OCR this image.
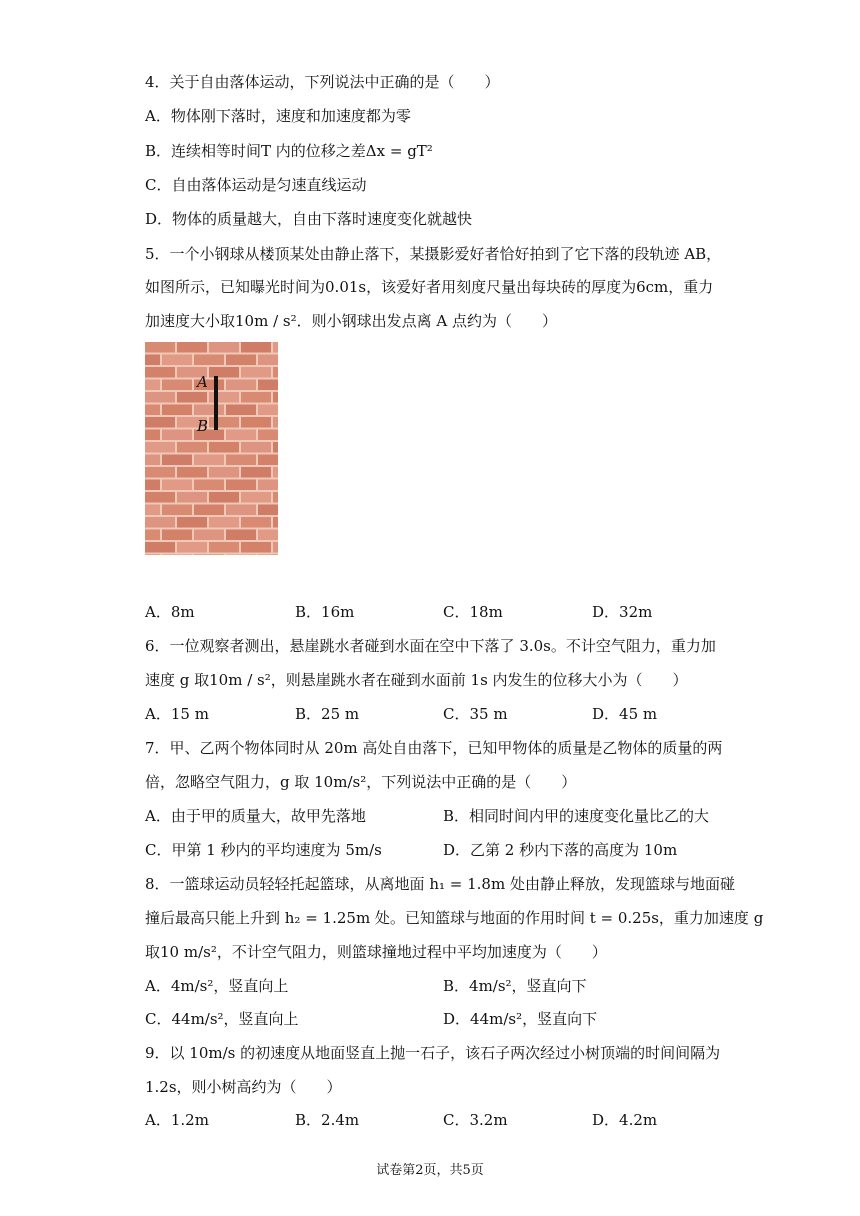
4．关于自由落体运动，下列说法中正确的是（　　）
A．物体刚下落时，速度和加速度都为零
B．连续相等时间T 内的位移之差Δx = gT²
C．自由落体运动是匀速直线运动
D．物体的质量越大，自由下落时速度变化就越快
5．一个小钢球从楼顶某处由静止落下，某摄影爱好者恰好拍到了它下落的段轨迹 AB，
如图所示，已知曝光时间为0.01s，该爱好者用刻度尺量出每块砖的厚度为6cm，重力
加速度大小取10m / s²．则小钢球出发点离 A 点约为（　　）
A
B
A．8m	B．16m	C．18m	D．32m
6．一位观察者测出，悬崖跳水者碰到水面在空中下落了 3.0s。不计空气阻力，重力加
速度 g 取10m / s²，则悬崖跳水者在碰到水面前 1s 内发生的位移大小为（　　）
A．15 m	B．25 m	C．35 m	D．45 m
7．甲、乙两个物体同时从 20m 高处自由落下，已知甲物体的质量是乙物体的质量的两
倍，忽略空气阻力，g 取 10m/s²，下列说法中正确的是（　　）
A．由于甲的质量大，故甲先落地	B．相同时间内甲的速度变化量比乙的大
C．甲第 1 秒内的平均速度为 5m/s	D．乙第 2 秒内下落的高度为 10m
8．一篮球运动员轻轻托起篮球，从离地面 h₁ = 1.8m 处由静止释放，发现篮球与地面碰
撞后最高只能上升到 h₂ = 1.25m 处。已知篮球与地面的作用时间 t = 0.25s，重力加速度 g
取10 m/s²，不计空气阻力，则篮球撞地过程中平均加速度为（　　）
A．4m/s²，竖直向上	B．4m/s²，竖直向下
C．44m/s²，竖直向上	D．44m/s²，竖直向下
9．以 10m/s 的初速度从地面竖直上抛一石子，该石子两次经过小树顶端的时间间隔为
1.2s，则小树高约为（　　）
A．1.2m	B．2.4m	C．3.2m	D．4.2m
试卷第2页，共5页
